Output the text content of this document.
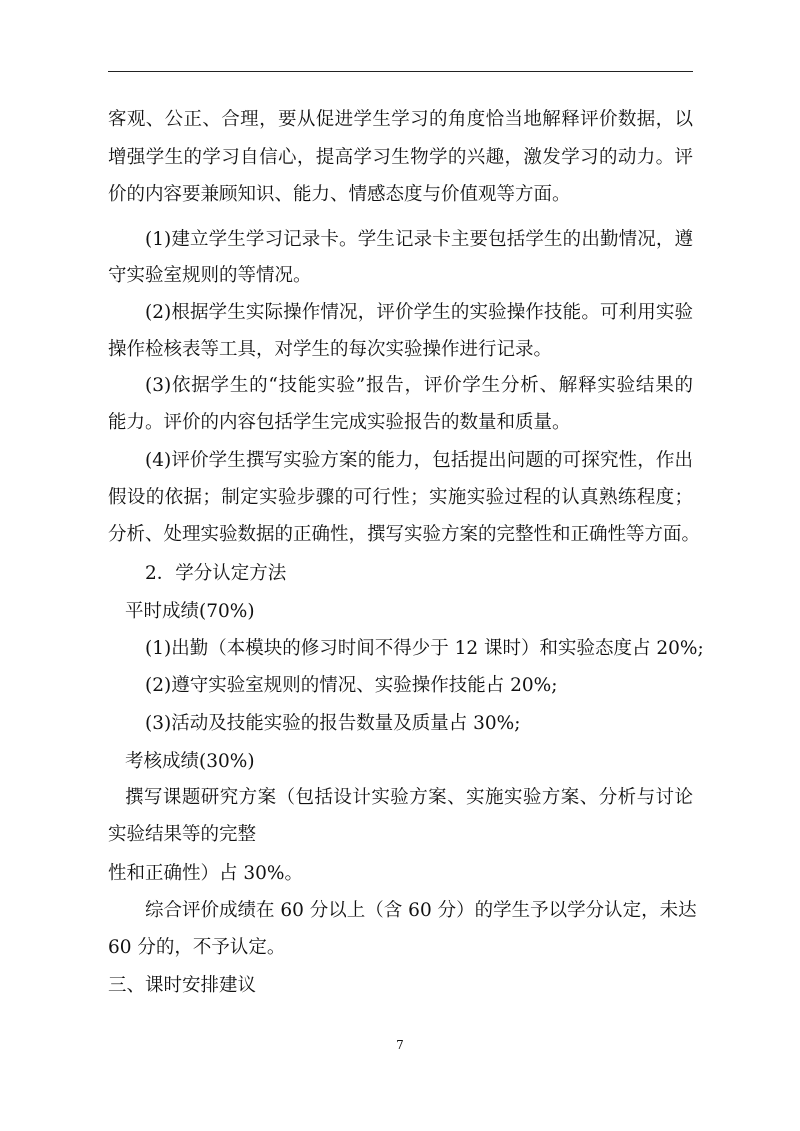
客观、公正、合理，要从促进学生学习的角度恰当地解释评价数据，以
增强学生的学习自信心，提高学习生物学的兴趣，激发学习的动力。评
价的内容要兼顾知识、能力、情感态度与价值观等方面。
(1)建立学生学习记录卡。学生记录卡主要包括学生的出勤情况，遵
守实验室规则的等情况。
(2)根据学生实际操作情况，评价学生的实验操作技能。可利用实验
操作检核表等工具，对学生的每次实验操作进行记录。
(3)依据学生的“技能实验”报告，评价学生分析、解释实验结果的
能力。评价的内容包括学生完成实验报告的数量和质量。
(4)评价学生撰写实验方案的能力，包括提出问题的可探究性，作出
假设的依据；制定实验步骤的可行性；实施实验过程的认真熟练程度；
分析、处理实验数据的正确性，撰写实验方案的完整性和正确性等方面。
2．学分认定方法
平时成绩(70%)
(1)出勤（本模块的修习时间不得少于 12 课时）和实验态度占 20%;
(2)遵守实验室规则的情况、实验操作技能占 20%;
(3)活动及技能实验的报告数量及质量占 30%;
考核成绩(30%)
撰写课题研究方案（包括设计实验方案、实施实验方案、分析与讨论
实验结果等的完整
性和正确性）占 30%。
综合评价成绩在 60 分以上（含 60 分）的学生予以学分认定，未达
60 分的，不予认定。
三、课时安排建议
7
